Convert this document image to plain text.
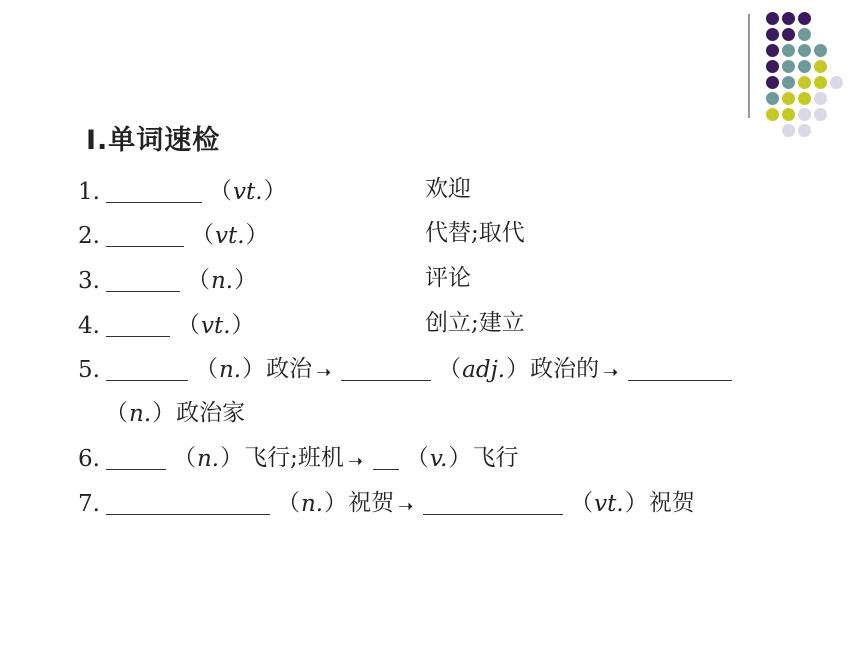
Ⅰ.单词速检
1.	（ vt. ）	欢迎
2.	（ vt. ）	代替;取代
3.	（ n. ）	评论
4.	（ vt. ）	创立;建立
5.	（ n. ） 政治 ➝	（ adj. ） 政治的 ➝
（ n. ） 政治家
6.	（ n. ） 飞行;班机 ➝ （ v. ） 飞行
7.	（ n. ） 祝贺 ➝	（ vt. ） 祝贺
